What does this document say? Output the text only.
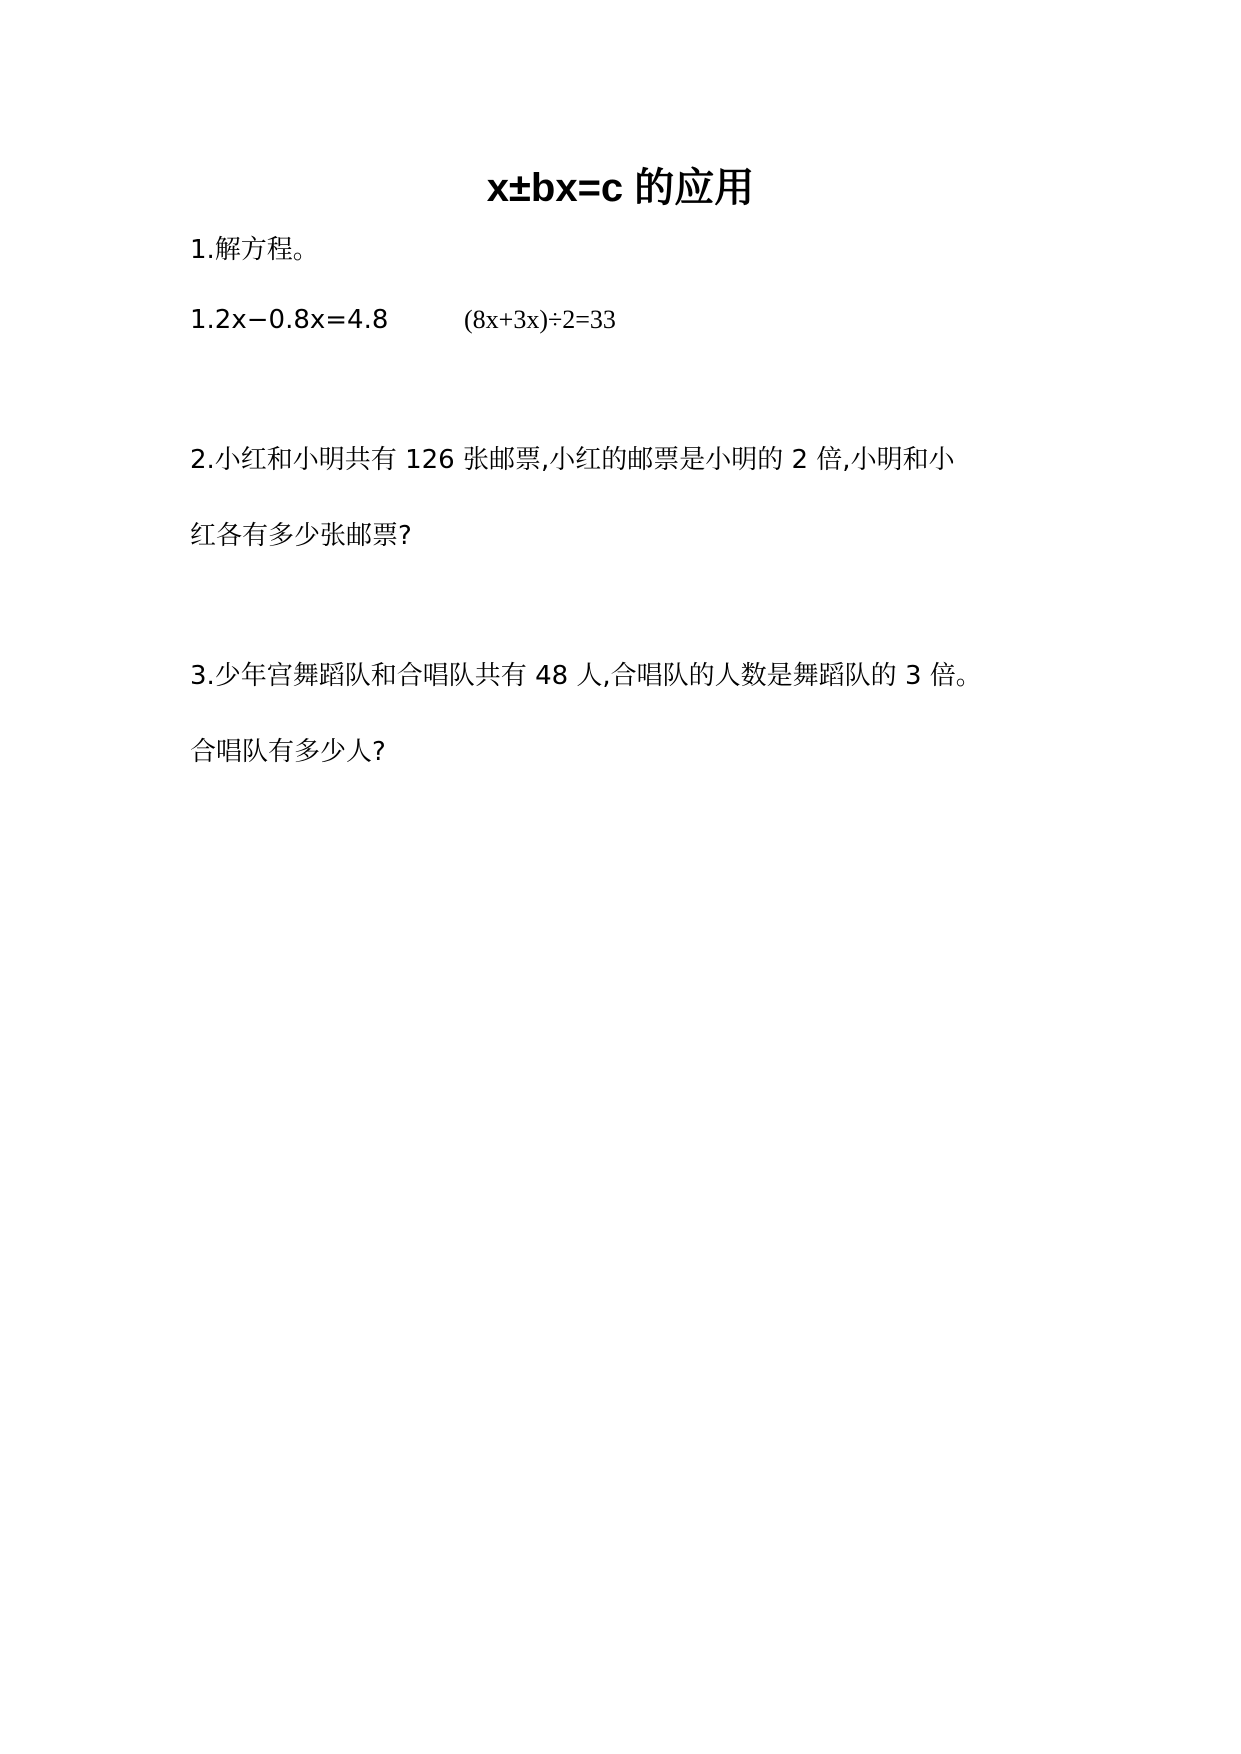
x±bx=c 的应用

1.解方程。

1.2x−0.8x=4.8	(8x+3x)÷2=33

2.小红和小明共有 126 张邮票,小红的邮票是小明的 2 倍,小明和小

红各有多少张邮票?

3.少年宫舞蹈队和合唱队共有 48 人,合唱队的人数是舞蹈队的 3 倍。

合唱队有多少人?
